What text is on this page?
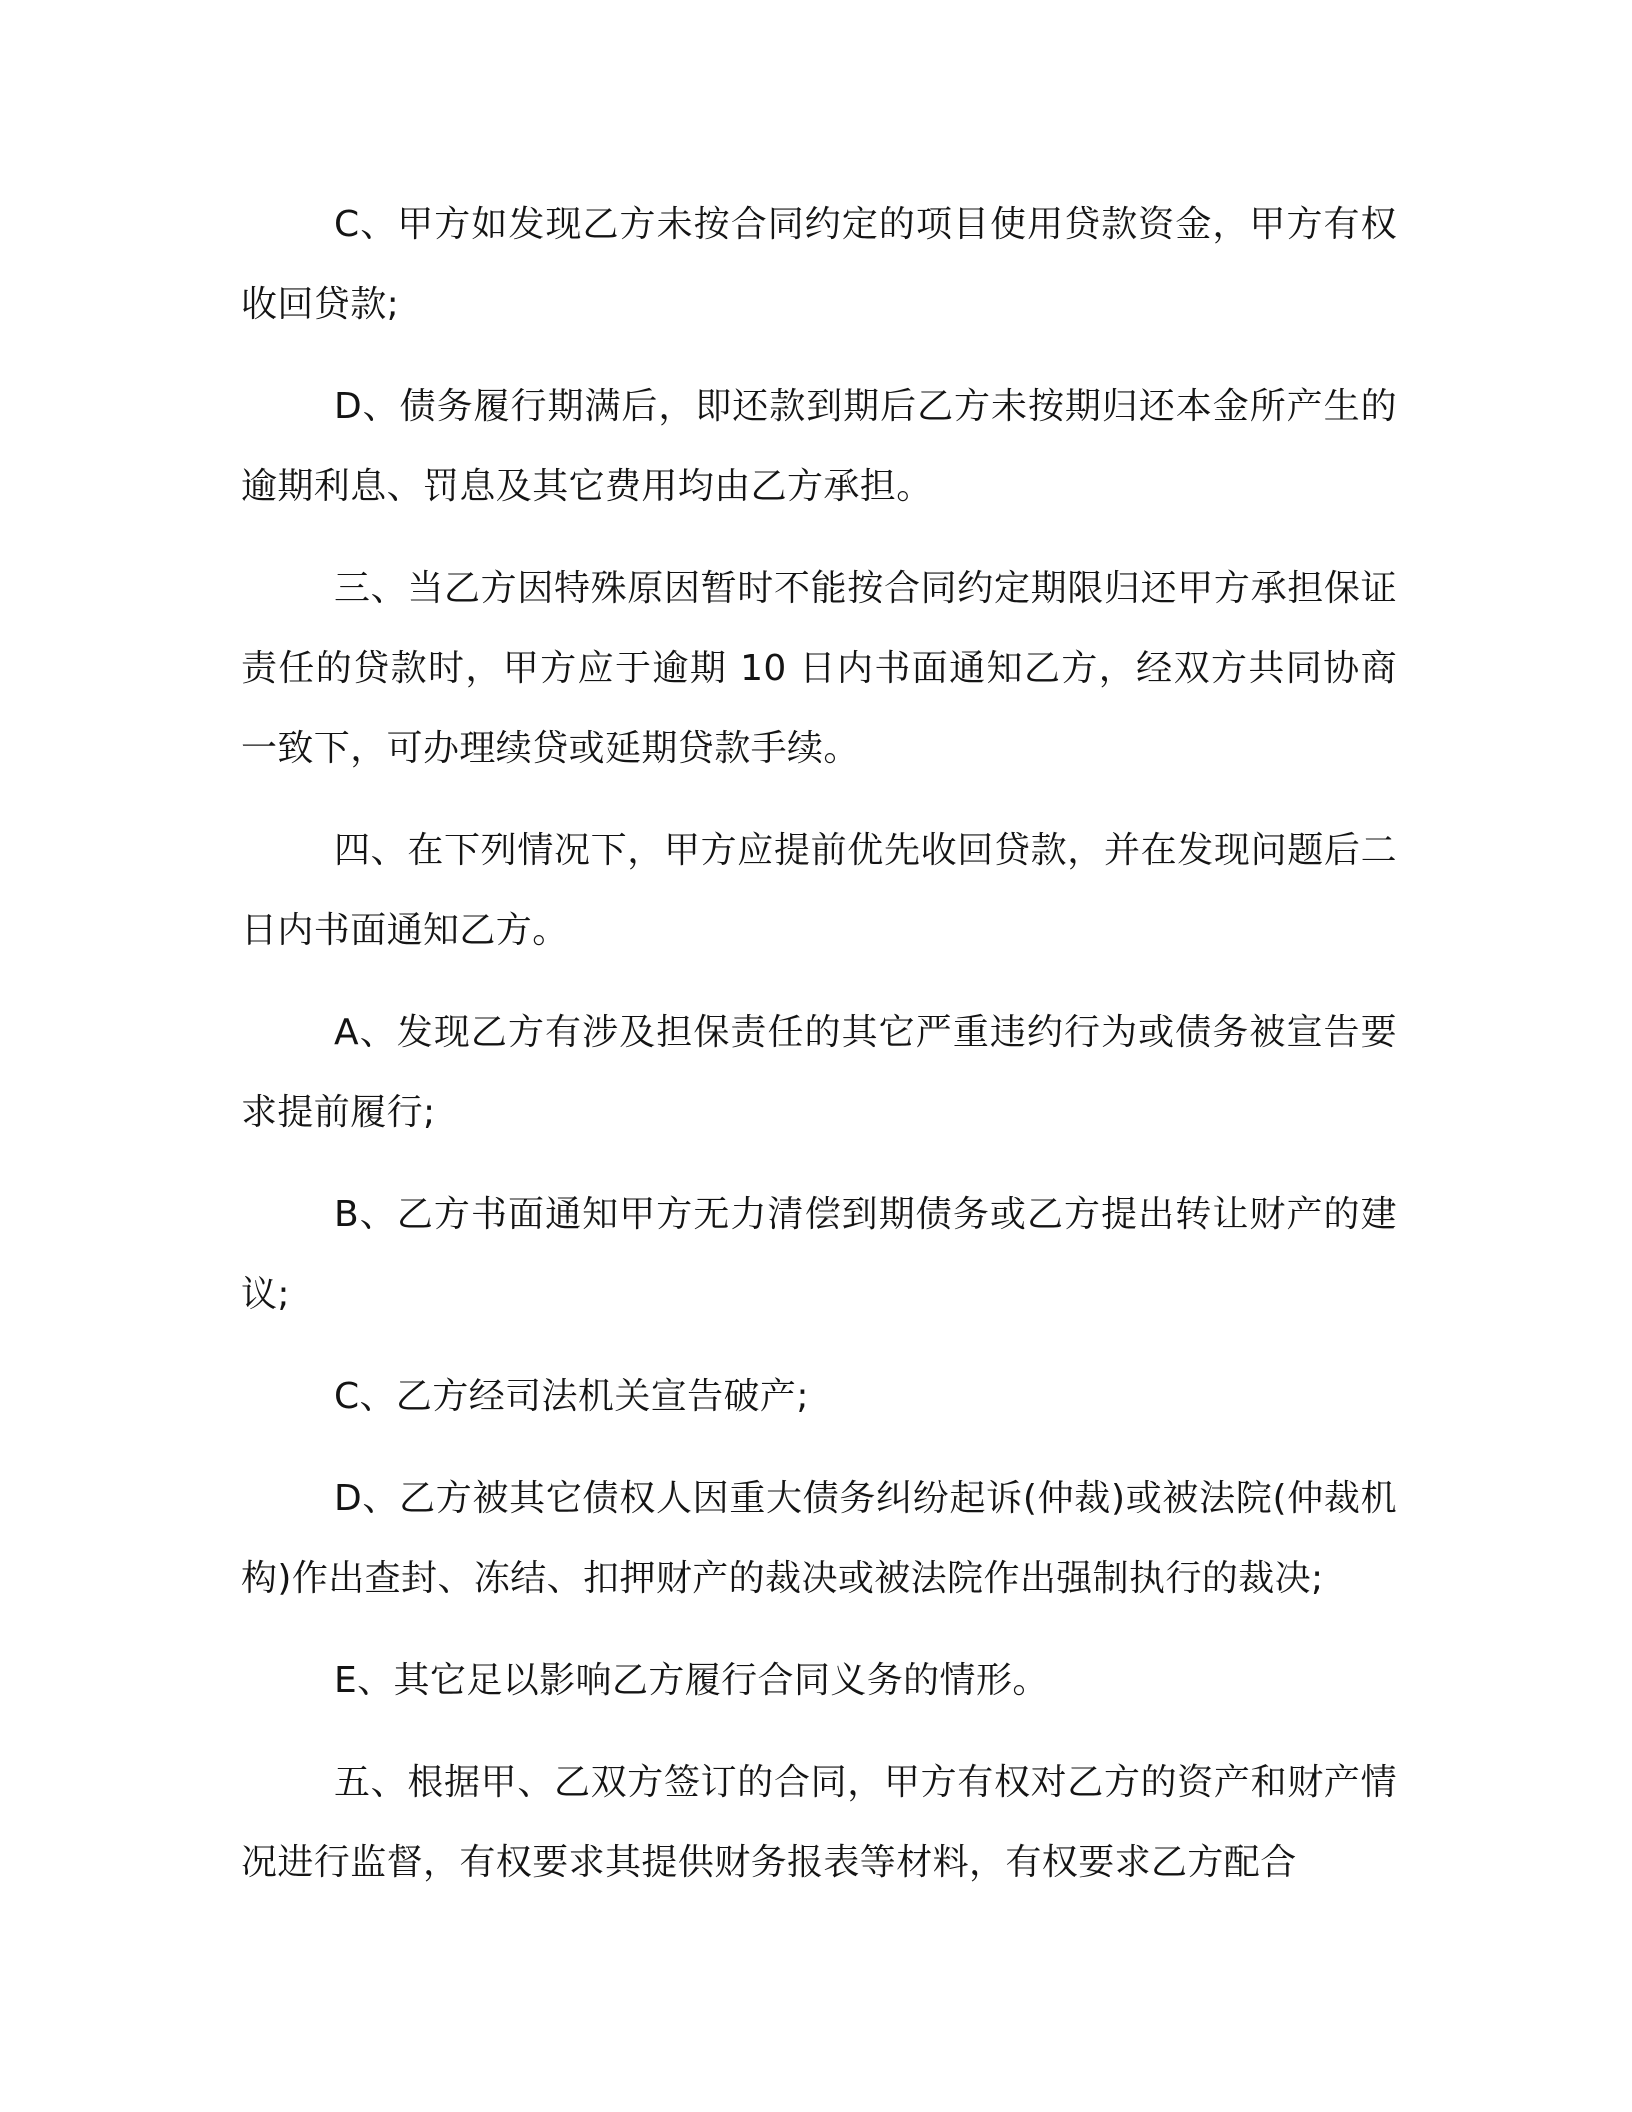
C、甲方如发现乙方未按合同约定的项目使用贷款资金，甲方有权收回贷款;

D、债务履行期满后，即还款到期后乙方未按期归还本金所产生的逾期利息、罚息及其它费用均由乙方承担。

三、当乙方因特殊原因暂时不能按合同约定期限归还甲方承担保证责任的贷款时，甲方应于逾期 10 日内书面通知乙方，经双方共同协商一致下，可办理续贷或延期贷款手续。

四、在下列情况下，甲方应提前优先收回贷款，并在发现问题后二日内书面通知乙方。

A、发现乙方有涉及担保责任的其它严重违约行为或债务被宣告要求提前履行;

B、乙方书面通知甲方无力清偿到期债务或乙方提出转让财产的建议;

C、乙方经司法机关宣告破产;

D、乙方被其它债权人因重大债务纠纷起诉(仲裁)或被法院(仲裁机构)作出查封、冻结、扣押财产的裁决或被法院作出强制执行的裁决;

E、其它足以影响乙方履行合同义务的情形。

五、根据甲、乙双方签订的合同，甲方有权对乙方的资产和财产情况进行监督，有权要求其提供财务报表等材料，有权要求乙方配合
